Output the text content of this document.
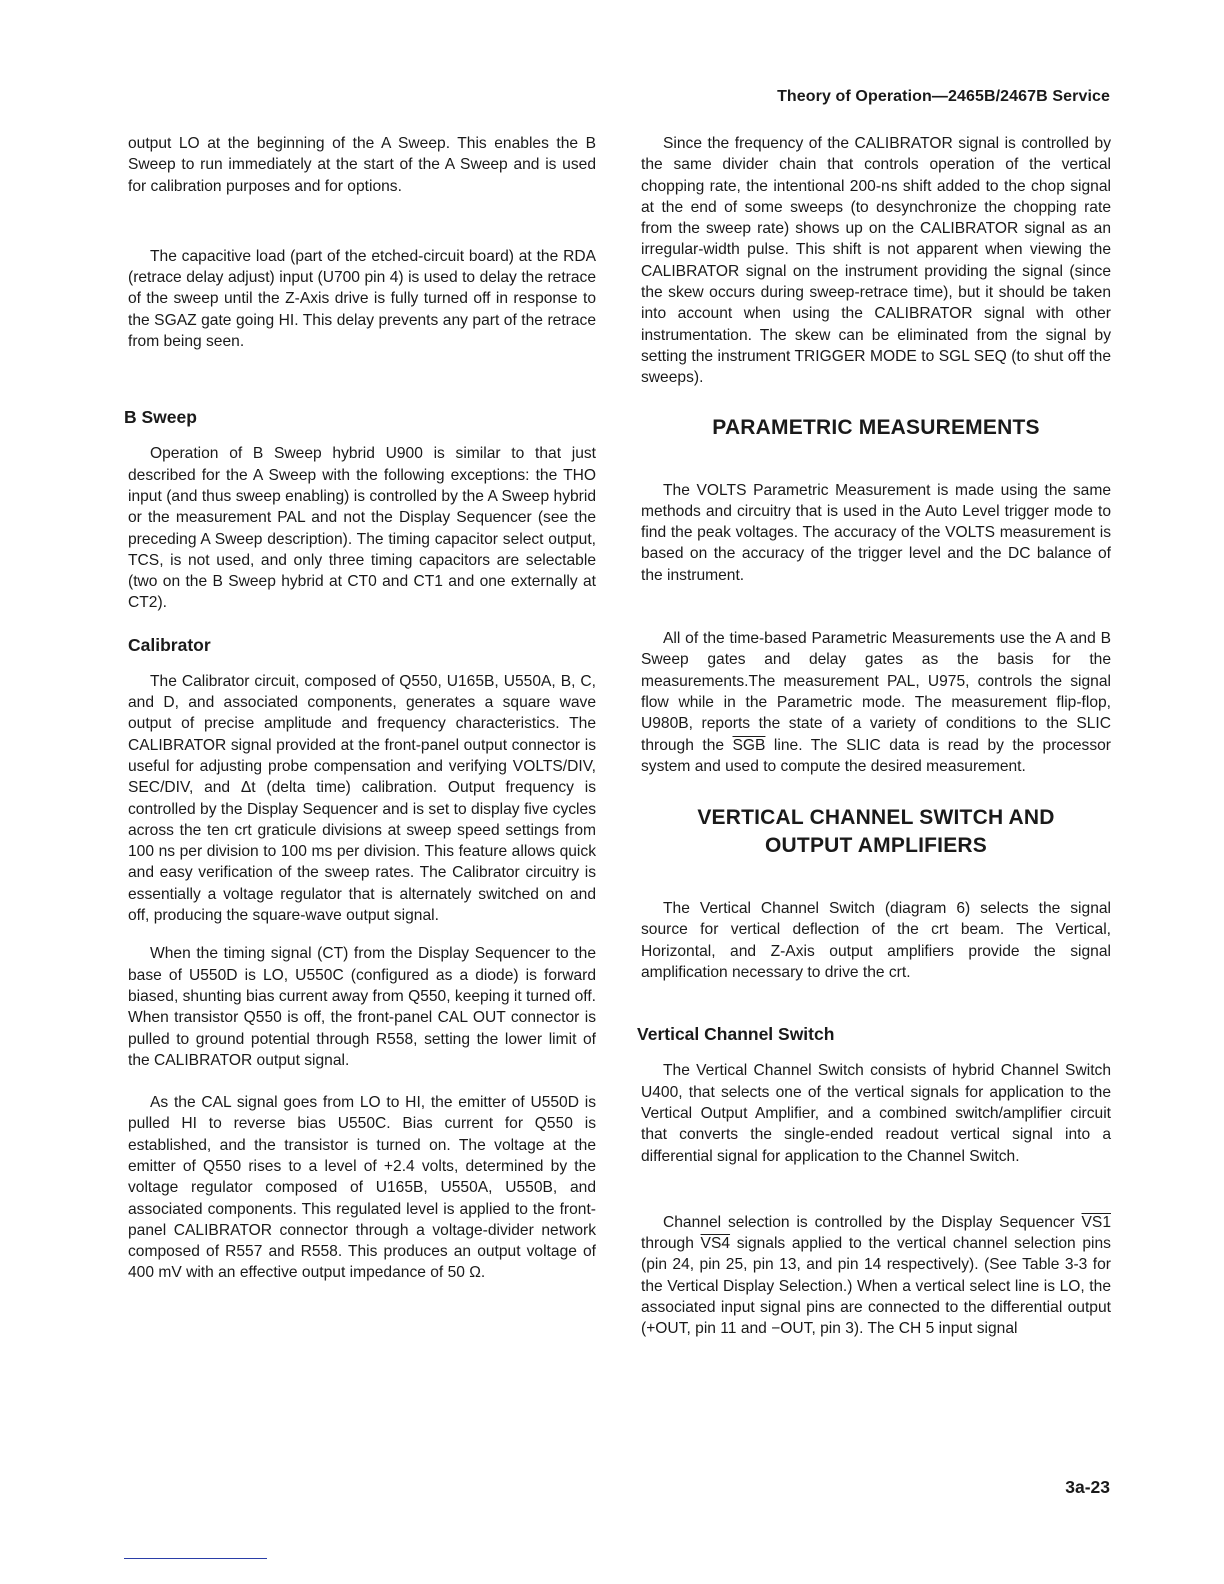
Theory of Operation—2465B/2467B Service

output LO at the beginning of the A Sweep. This enables the B Sweep to run immediately at the start of the A Sweep and is used for calibration purposes and for options.

The capacitive load (part of the etched-circuit board) at the RDA (retrace delay adjust) input (U700 pin 4) is used to delay the retrace of the sweep until the Z-Axis drive is fully turned off in response to the SGAZ gate going HI. This delay prevents any part of the retrace from being seen.

B Sweep

Operation of B Sweep hybrid U900 is similar to that just described for the A Sweep with the following exceptions: the THO input (and thus sweep enabling) is controlled by the A Sweep hybrid or the measurement PAL and not the Display Sequencer (see the preceding A Sweep description). The timing capacitor select output, TCS, is not used, and only three timing capacitors are selectable (two on the B Sweep hybrid at CT0 and CT1 and one externally at CT2).

Calibrator

The Calibrator circuit, composed of Q550, U165B, U550A, B, C, and D, and associated components, generates a square wave output of precise amplitude and frequency characteristics. The CALIBRATOR signal provided at the front-panel output connector is useful for adjusting probe compensation and verifying VOLTS/DIV, SEC/DIV, and Δt (delta time) calibration. Output frequency is controlled by the Display Sequencer and is set to display five cycles across the ten crt graticule divisions at sweep speed settings from 100 ns per division to 100 ms per division. This feature allows quick and easy verification of the sweep rates. The Calibrator circuitry is essentially a voltage regulator that is alternately switched on and off, producing the square-wave output signal.

When the timing signal (CT) from the Display Sequencer to the base of U550D is LO, U550C (configured as a diode) is forward biased, shunting bias current away from Q550, keeping it turned off. When transistor Q550 is off, the front-panel CAL OUT connector is pulled to ground potential through R558, setting the lower limit of the CALIBRATOR output signal.

As the CAL signal goes from LO to HI, the emitter of U550D is pulled HI to reverse bias U550C. Bias current for Q550 is established, and the transistor is turned on. The voltage at the emitter of Q550 rises to a level of +2.4 volts, determined by the voltage regulator composed of U165B, U550A, U550B, and associated components. This regulated level is applied to the front-panel CALIBRATOR connector through a voltage-divider network composed of R557 and R558. This produces an output voltage of 400 mV with an effective output impedance of 50 Ω.

Since the frequency of the CALIBRATOR signal is controlled by the same divider chain that controls operation of the vertical chopping rate, the intentional 200-ns shift added to the chop signal at the end of some sweeps (to desynchronize the chopping rate from the sweep rate) shows up on the CALIBRATOR signal as an irregular-width pulse. This shift is not apparent when viewing the CALIBRATOR signal on the instrument providing the signal (since the skew occurs during sweep-retrace time), but it should be taken into account when using the CALIBRATOR signal with other instrumentation. The skew can be eliminated from the signal by setting the instrument TRIGGER MODE to SGL SEQ (to shut off the sweeps).

PARAMETRIC MEASUREMENTS

The VOLTS Parametric Measurement is made using the same methods and circuitry that is used in the Auto Level trigger mode to find the peak voltages. The accuracy of the VOLTS measurement is based on the accuracy of the trigger level and the DC balance of the instrument.

All of the time-based Parametric Measurements use the A and B Sweep gates and delay gates as the basis for the measurements.The measurement PAL, U975, controls the signal flow while in the Parametric mode. The measurement flip-flop, U980B, reports the state of a variety of conditions to the SLIC through the $\overline{SGB}$ line. The SLIC data is read by the processor system and used to compute the desired measurement.

VERTICAL CHANNEL SWITCH AND
OUTPUT AMPLIFIERS

The Vertical Channel Switch (diagram 6) selects the signal source for vertical deflection of the crt beam. The Vertical, Horizontal, and Z-Axis output amplifiers provide the signal amplification necessary to drive the crt.

Vertical Channel Switch

The Vertical Channel Switch consists of hybrid Channel Switch U400, that selects one of the vertical signals for application to the Vertical Output Amplifier, and a combined switch/amplifier circuit that converts the single-ended readout vertical signal into a differential signal for application to the Channel Switch.

Channel selection is controlled by the Display Sequencer VS1 through VS4 signals applied to the vertical channel selection pins (pin 24, pin 25, pin 13, and pin 14 respectively). (See Table 3-3 for the Vertical Display Selection.) When a vertical select line is LO, the associated input signal pins are connected to the differential output (+OUT, pin 11 and −OUT, pin 3). The CH 5 input signal

3a-23
